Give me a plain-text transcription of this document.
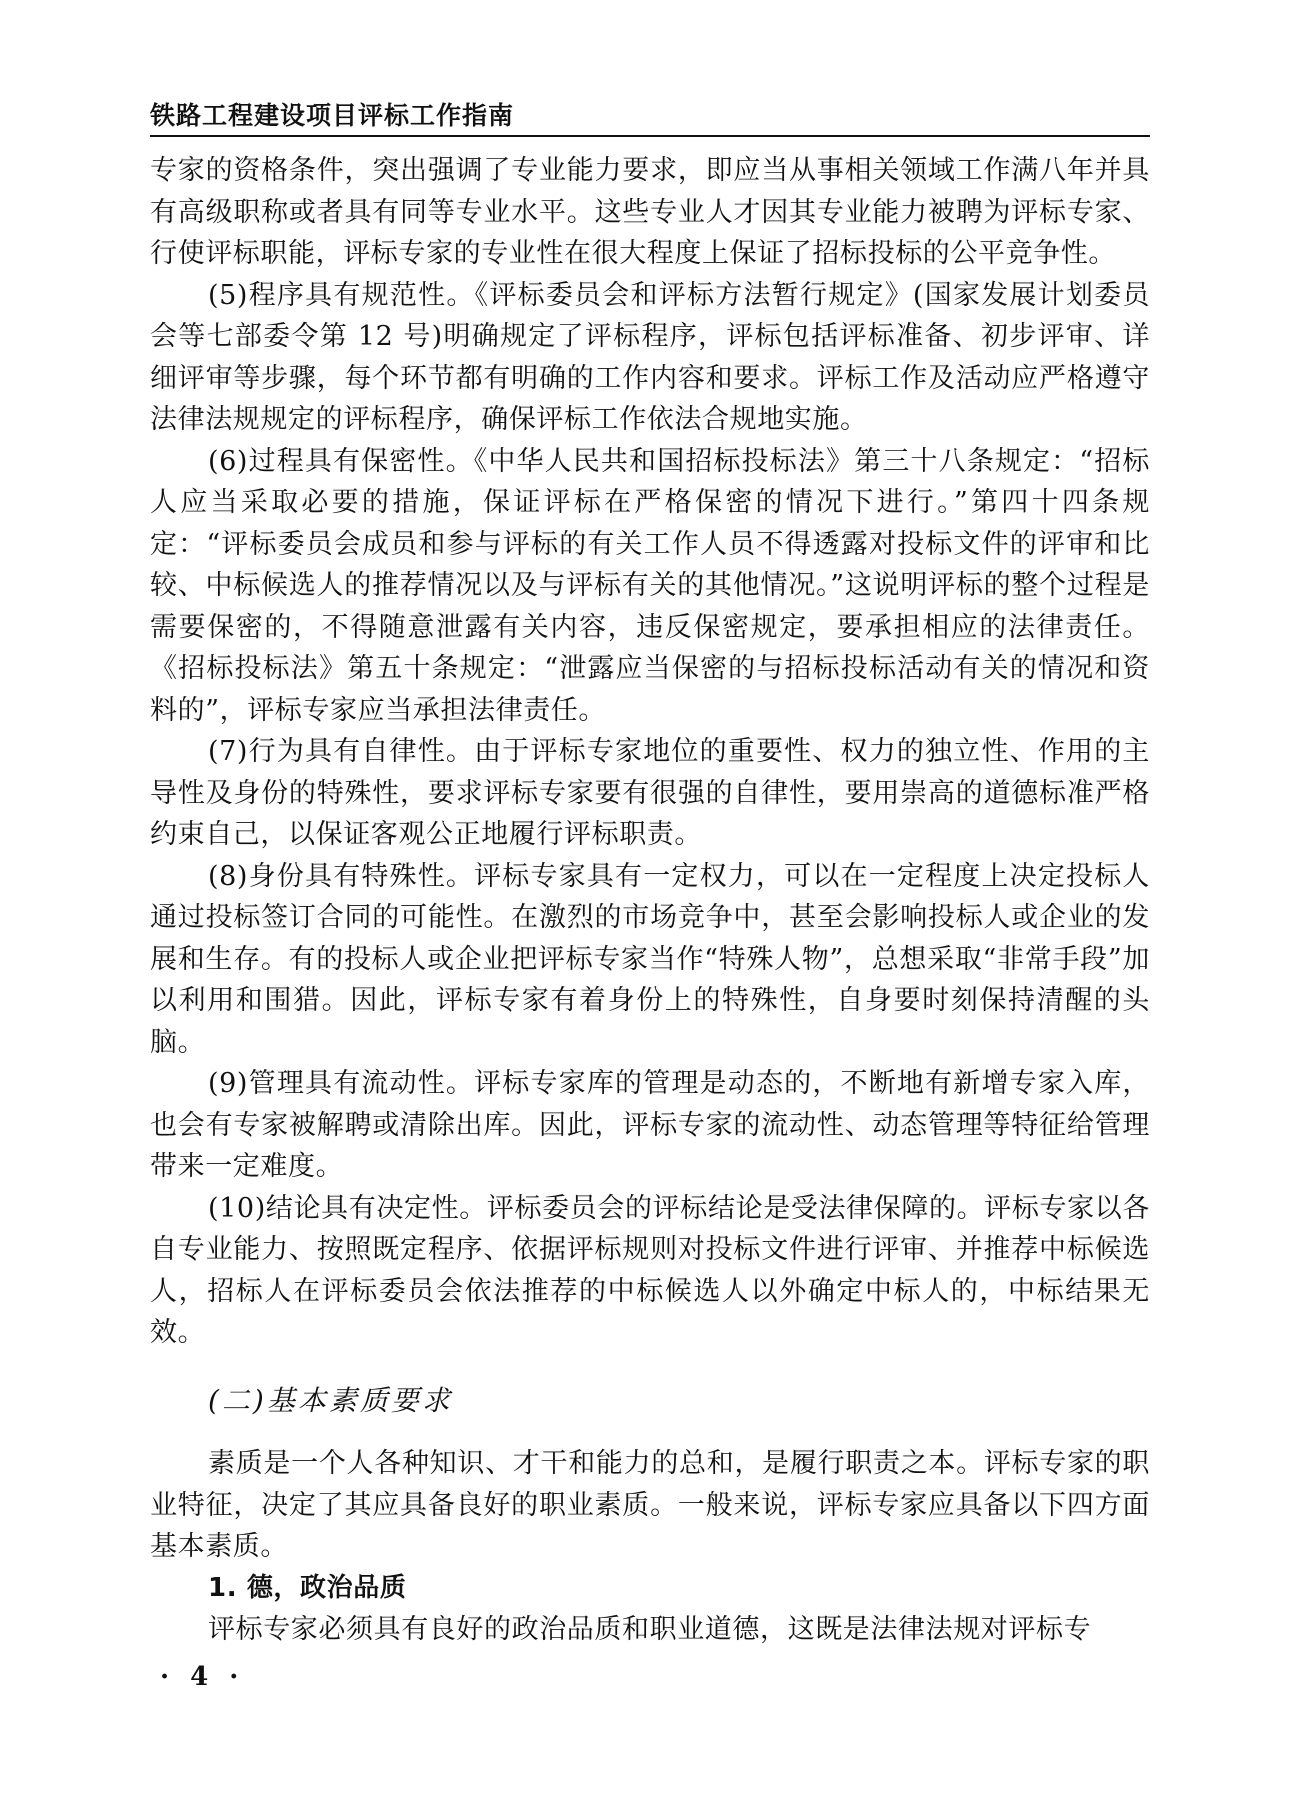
铁路工程建设项目评标工作指南

专家的资格条件，突出强调了专业能力要求，即应当从事相关领域工作满八年并具有高级职称或者具有同等专业水平。这些专业人才因其专业能力被聘为评标专家、行使评标职能，评标专家的专业性在很大程度上保证了招标投标的公平竞争性。

(5)程序具有规范性。《评标委员会和评标方法暂行规定》(国家发展计划委员会等七部委令第 12 号)明确规定了评标程序，评标包括评标准备、初步评审、详细评审等步骤，每个环节都有明确的工作内容和要求。评标工作及活动应严格遵守法律法规规定的评标程序，确保评标工作依法合规地实施。

(6)过程具有保密性。《中华人民共和国招标投标法》第三十八条规定：“招标人应当采取必要的措施，保证评标在严格保密的情况下进行。”第四十四条规定：“评标委员会成员和参与评标的有关工作人员不得透露对投标文件的评审和比较、中标候选人的推荐情况以及与评标有关的其他情况。”这说明评标的整个过程是需要保密的，不得随意泄露有关内容，违反保密规定，要承担相应的法律责任。《招标投标法》第五十条规定：“泄露应当保密的与招标投标活动有关的情况和资料的”，评标专家应当承担法律责任。

(7)行为具有自律性。由于评标专家地位的重要性、权力的独立性、作用的主导性及身份的特殊性，要求评标专家要有很强的自律性，要用崇高的道德标准严格约束自己，以保证客观公正地履行评标职责。

(8)身份具有特殊性。评标专家具有一定权力，可以在一定程度上决定投标人通过投标签订合同的可能性。在激烈的市场竞争中，甚至会影响投标人或企业的发展和生存。有的投标人或企业把评标专家当作“特殊人物”，总想采取“非常手段”加以利用和围猎。因此，评标专家有着身份上的特殊性，自身要时刻保持清醒的头脑。

(9)管理具有流动性。评标专家库的管理是动态的，不断地有新增专家入库，也会有专家被解聘或清除出库。因此，评标专家的流动性、动态管理等特征给管理带来一定难度。

(10)结论具有决定性。评标委员会的评标结论是受法律保障的。评标专家以各自专业能力、按照既定程序、依据评标规则对投标文件进行评审、并推荐中标候选人，招标人在评标委员会依法推荐的中标候选人以外确定中标人的，中标结果无效。

(二)基本素质要求

素质是一个人各种知识、才干和能力的总和，是履行职责之本。评标专家的职业特征，决定了其应具备良好的职业素质。一般来说，评标专家应具备以下四方面基本素质。

1. 德，政治品质

评标专家必须具有良好的政治品质和职业道德，这既是法律法规对评标专

· 4 ·
